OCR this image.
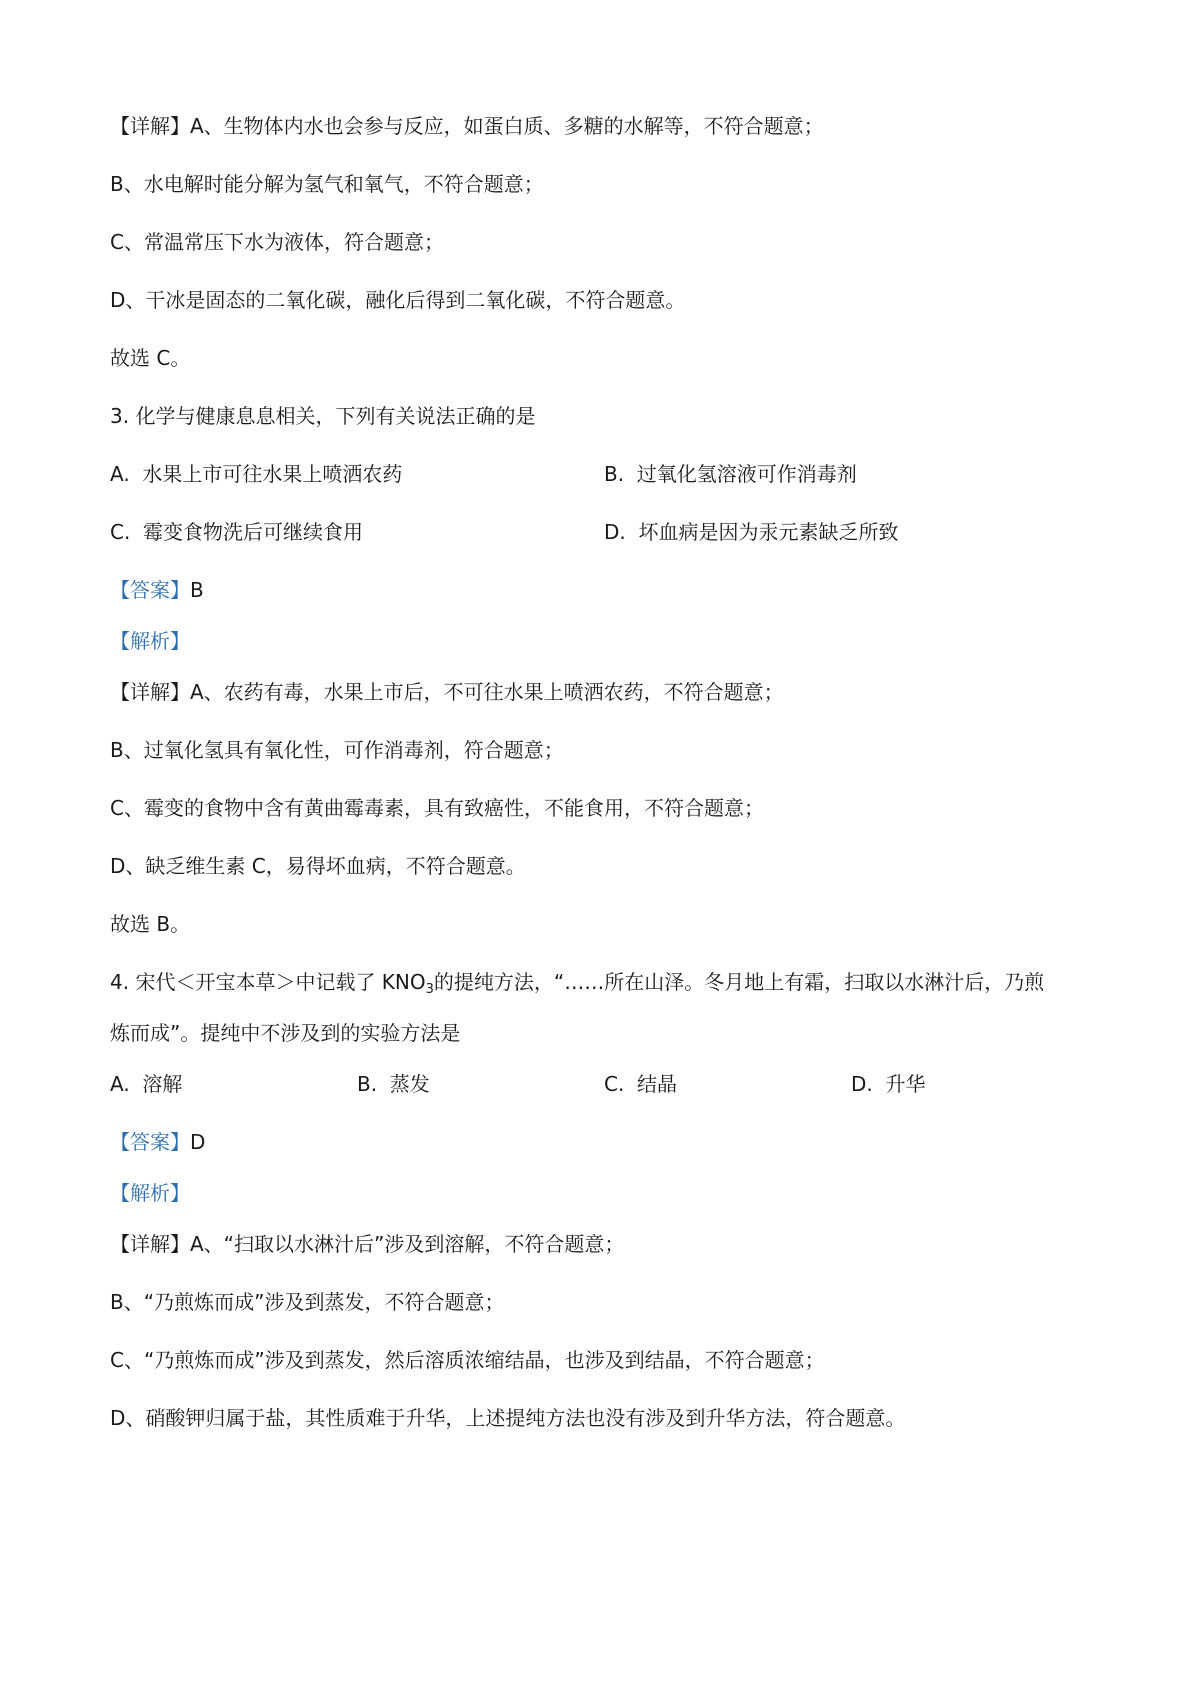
【详解】A、生物体内水也会参与反应，如蛋白质、多糖的水解等，不符合题意；
B、水电解时能分解为氢气和氧气，不符合题意；
C、常温常压下水为液体，符合题意；
D、干冰是固态的二氧化碳，融化后得到二氧化碳，不符合题意。
故选 C。
3. 化学与健康息息相关，下列有关说法正确的是
A. 水果上市可往水果上喷洒农药	B. 过氧化氢溶液可作消毒剂
C. 霉变食物洗后可继续食用	D. 坏血病是因为汞元素缺乏所致
【答案】B
【解析】
【详解】A、农药有毒，水果上市后，不可往水果上喷洒农药，不符合题意；
B、过氧化氢具有氧化性，可作消毒剂，符合题意；
C、霉变的食物中含有黄曲霉毒素，具有致癌性，不能食用，不符合题意；
D、缺乏维生素 C，易得坏血病，不符合题意。
故选 B。
4. 宋代＜开宝本草＞中记载了 $KNO_3$的提纯方法，“……所在山泽。冬月地上有霜，扫取以水淋汁后，乃煎
炼而成”。提纯中不涉及到的实验方法是
A. 溶解	B. 蒸发	C. 结晶	D. 升华
【答案】D
【解析】
【详解】A、“扫取以水淋汁后”涉及到溶解，不符合题意；
B、“乃煎炼而成”涉及到蒸发，不符合题意；
C、“乃煎炼而成”涉及到蒸发，然后溶质浓缩结晶，也涉及到结晶，不符合题意；
D、硝酸钾归属于盐，其性质难于升华，上述提纯方法也没有涉及到升华方法，符合题意。
